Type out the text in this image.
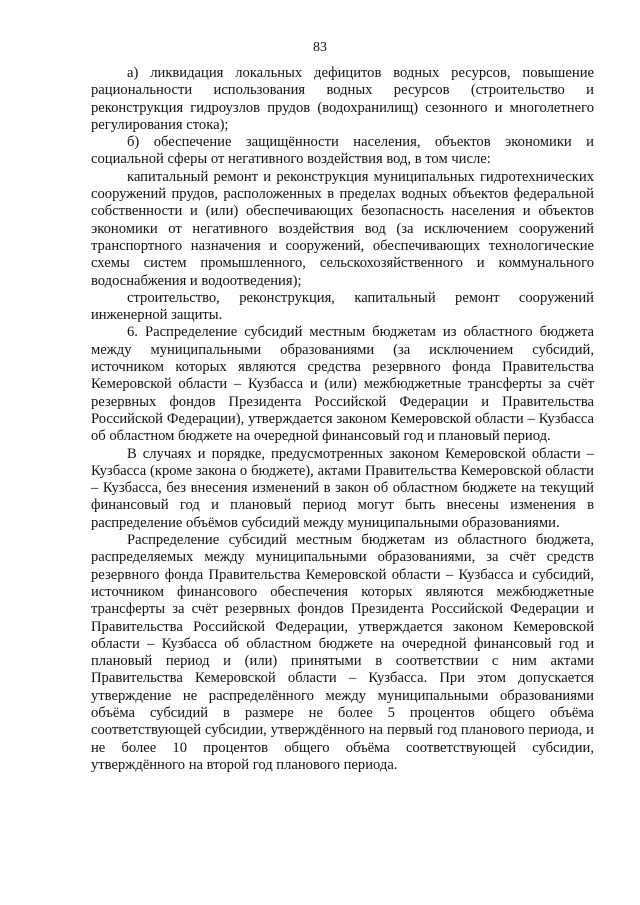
83

а) ликвидация локальных дефицитов водных ресурсов, повышение рациональности использования водных ресурсов (строительство и реконструкция гидроузлов прудов (водохранилищ) сезонного и многолетнего регулирования стока);

б) обеспечение защищённости населения, объектов экономики и социальной сферы от негативного воздействия вод, в том числе:

капитальный ремонт и реконструкция муниципальных гидротехнических сооружений прудов, расположенных в пределах водных объектов федеральной собственности и (или) обеспечивающих безопасность населения и объектов экономики от негативного воздействия вод (за исключением сооружений транспортного назначения и сооружений, обеспечивающих технологические схемы систем промышленного, сельскохозяйственного и коммунального водоснабжения и водоотведения);

строительство, реконструкция, капитальный ремонт сооружений инженерной защиты.

6. Распределение субсидий местным бюджетам из областного бюджета между муниципальными образованиями (за исключением субсидий, источником которых являются средства резервного фонда Правительства Кемеровской области – Кузбасса и (или) межбюджетные трансферты за счёт резервных фондов Президента Российской Федерации и Правительства Российской Федерации), утверждается законом Кемеровской области – Кузбасса об областном бюджете на очередной финансовый год и плановый период.

В случаях и порядке, предусмотренных законом Кемеровской области – Кузбасса (кроме закона о бюджете), актами Правительства Кемеровской области – Кузбасса, без внесения изменений в закон об областном бюджете на текущий финансовый год и плановый период могут быть внесены изменения в распределение объёмов субсидий между муниципальными образованиями.

Распределение субсидий местным бюджетам из областного бюджета, распределяемых между муниципальными образованиями, за счёт средств резервного фонда Правительства Кемеровской области – Кузбасса и субсидий, источником финансового обеспечения которых являются межбюджетные трансферты за счёт резервных фондов Президента Российской Федерации и Правительства Российской Федерации, утверждается законом Кемеровской области – Кузбасса об областном бюджете на очередной финансовый год и плановый период и (или) принятыми в соответствии с ним актами Правительства Кемеровской области – Кузбасса. При этом допускается утверждение не распределённого между муниципальными образованиями объёма субсидий в размере не более 5 процентов общего объёма соответствующей субсидии, утверждённого на первый год планового периода, и не более 10 процентов общего объёма соответствующей субсидии, утверждённого на второй год планового периода.
